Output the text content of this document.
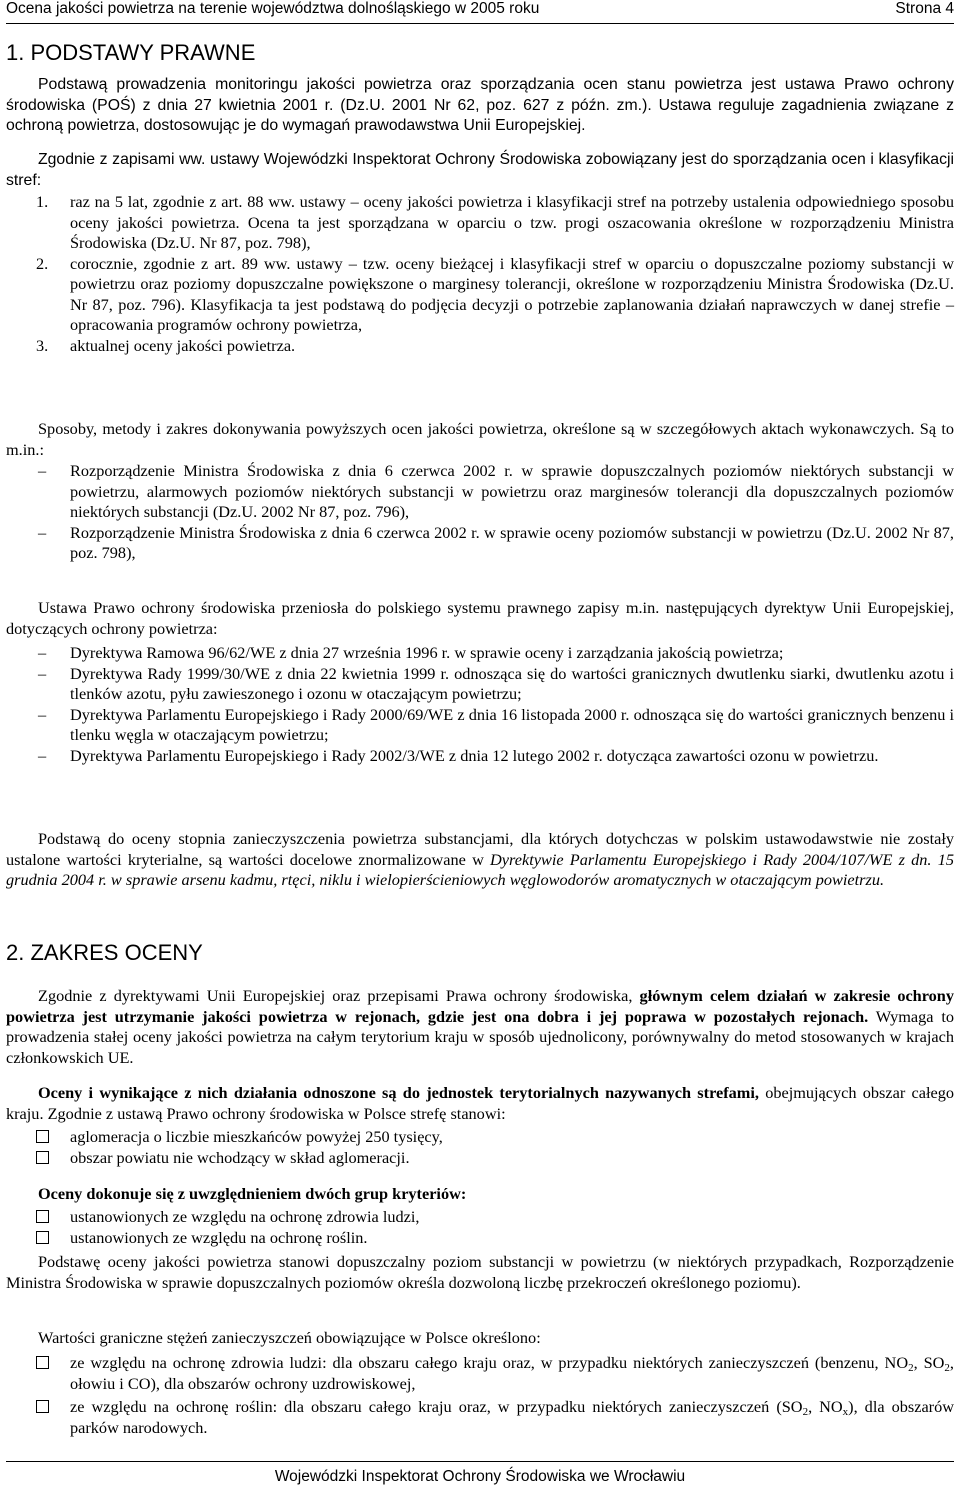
Ocena jakości powietrza na terenie województwa dolnośląskiego w 2005 roku	Strona 4
1. PODSTAWY PRAWNE
Podstawą prowadzenia monitoringu jakości powietrza oraz sporządzania ocen stanu powietrza jest ustawa Prawo ochrony środowiska (POŚ) z dnia 27 kwietnia 2001 r. (Dz.U. 2001 Nr 62, poz. 627 z późn. zm.). Ustawa reguluje zagadnienia związane z ochroną powietrza, dostosowując je do wymagań prawodawstwa Unii Europejskiej.
Zgodnie z zapisami ww. ustawy Wojewódzki Inspektorat Ochrony Środowiska zobowiązany jest do sporządzania ocen i klasyfikacji stref:
1. raz na 5 lat, zgodnie z art. 88 ww. ustawy – oceny jakości powietrza i klasyfikacji stref na potrzeby ustalenia odpowiedniego sposobu oceny jakości powietrza. Ocena ta jest sporządzana w oparciu o tzw. progi oszacowania określone w rozporządzeniu Ministra Środowiska (Dz.U. Nr 87, poz. 798),
2. corocznie, zgodnie z art. 89 ww. ustawy – tzw. oceny bieżącej i klasyfikacji stref w oparciu o dopuszczalne poziomy substancji w powietrzu oraz poziomy dopuszczalne powiększone o marginesy tolerancji, określone w rozporządzeniu Ministra Środowiska (Dz.U. Nr 87, poz. 796). Klasyfikacja ta jest podstawą do podjęcia decyzji o potrzebie zaplanowania działań naprawczych w danej strefie – opracowania programów ochrony powietrza,
3. aktualnej oceny jakości powietrza.
Sposoby, metody i zakres dokonywania powyższych ocen jakości powietrza, określone są w szczegółowych aktach wykonawczych. Są to m.in.:
– Rozporządzenie Ministra Środowiska z dnia 6 czerwca 2002 r. w sprawie dopuszczalnych poziomów niektórych substancji w powietrzu, alarmowych poziomów niektórych substancji w powietrzu oraz marginesów tolerancji dla dopuszczalnych poziomów niektórych substancji (Dz.U. 2002 Nr 87, poz. 796),
– Rozporządzenie Ministra Środowiska z dnia 6 czerwca 2002 r. w sprawie oceny poziomów substancji w powietrzu (Dz.U. 2002 Nr 87, poz. 798),
Ustawa Prawo ochrony środowiska przeniosła do polskiego systemu prawnego zapisy m.in. następujących dyrektyw Unii Europejskiej, dotyczących ochrony powietrza:
– Dyrektywa Ramowa 96/62/WE z dnia 27 września 1996 r. w sprawie oceny i zarządzania jakością powietrza;
– Dyrektywa Rady 1999/30/WE z dnia 22 kwietnia 1999 r. odnosząca się do wartości granicznych dwutlenku siarki, dwutlenku azotu i tlenków azotu, pyłu zawieszonego i ozonu w otaczającym powietrzu;
– Dyrektywa Parlamentu Europejskiego i Rady 2000/69/WE z dnia 16 listopada 2000 r. odnosząca się do wartości granicznych benzenu i tlenku węgla w otaczającym powietrzu;
– Dyrektywa Parlamentu Europejskiego i Rady 2002/3/WE z dnia 12 lutego 2002 r. dotycząca zawartości ozonu w powietrzu.
Podstawą do oceny stopnia zanieczyszczenia powietrza substancjami, dla których dotychczas w polskim ustawodawstwie nie zostały ustalone wartości kryterialne, są wartości docelowe znormalizowane w Dyrektywie Parlamentu Europejskiego i Rady 2004/107/WE z dn. 15 grudnia 2004 r. w sprawie arsenu kadmu, rtęci, niklu i wielopierścieniowych węglowodorów aromatycznych w otaczającym powietrzu.
2. ZAKRES OCENY
Zgodnie z dyrektywami Unii Europejskiej oraz przepisami Prawa ochrony środowiska, głównym celem działań w zakresie ochrony powietrza jest utrzymanie jakości powietrza w rejonach, gdzie jest ona dobra i jej poprawa w pozostałych rejonach. Wymaga to prowadzenia stałej oceny jakości powietrza na całym terytorium kraju w sposób ujednolicony, porównywalny do metod stosowanych w krajach członkowskich UE.
Oceny i wynikające z nich działania odnoszone są do jednostek terytorialnych nazywanych strefami, obejmujących obszar całego kraju. Zgodnie z ustawą Prawo ochrony środowiska w Polsce strefę stanowi:
aglomeracja o liczbie mieszkańców powyżej 250 tysięcy,
obszar powiatu nie wchodzący w skład aglomeracji.
Oceny dokonuje się z uwzględnieniem dwóch grup kryteriów:
ustanowionych ze względu na ochronę zdrowia ludzi,
ustanowionych ze względu na ochronę roślin.
Podstawę oceny jakości powietrza stanowi dopuszczalny poziom substancji w powietrzu (w niektórych przypadkach, Rozporządzenie Ministra Środowiska w sprawie dopuszczalnych poziomów określa dozwoloną liczbę przekroczeń określonego poziomu).
Wartości graniczne stężeń zanieczyszczeń obowiązujące w Polsce określono:
ze względu na ochronę zdrowia ludzi: dla obszaru całego kraju oraz, w przypadku niektórych zanieczyszczeń (benzenu, $NO_2$, $SO_2$, ołowiu i CO), dla obszarów ochrony uzdrowiskowej,
ze względu na ochronę roślin: dla obszaru całego kraju oraz, w przypadku niektórych zanieczyszczeń ($SO_2$, $NO_x$), dla obszarów parków narodowych.
Wojewódzki Inspektorat Ochrony Środowiska we Wrocławiu
